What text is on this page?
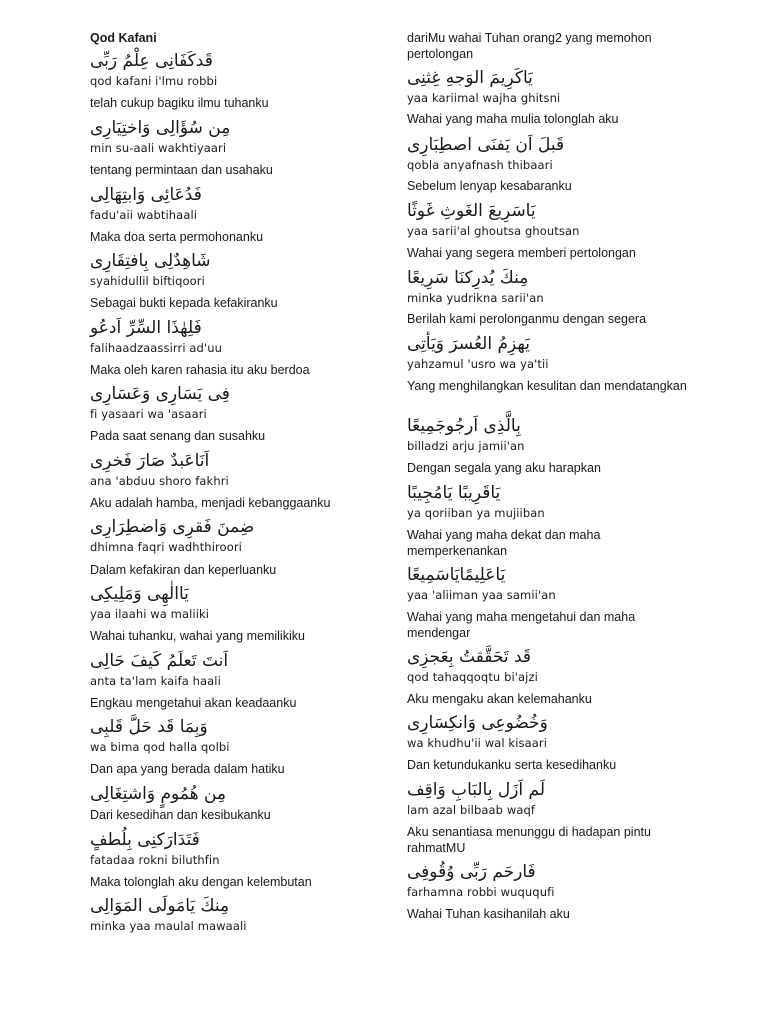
Qod Kafani
قَدكَفَانِى عِلْمُ رَبِّى
qod kafani i'lmu robbi
telah cukup bagiku ilmu tuhanku
مِن سُؤَالِى وَاختِيَارِى
min su-aali wakhtiyaari
tentang permintaan dan usahaku
فَدُعَائِى وَابتِهَالِى
fadu'aii wabtihaali
Maka doa serta permohonanku
شَاهِدٌلِى بِافتِقَارِى
syahidullil biftiqoori
Sebagai bukti kepada kefakiranku
فَلِهٰذَا السِّرِّ اَدعُو
falihaadzaassirri ad'uu
Maka oleh karen rahasia itu aku berdoa
فِى يَسَارِى وَعَسَارِى
fi yasaari wa 'asaari
Pada saat senang dan susahku
اَنَاعَبدٌ صَارَ فَخرِى
ana 'abduu shoro fakhri
Aku adalah hamba, menjadi kebanggaanku
ضِمنَ فَقرِى وَاضطِرَارِى
dhimna faqri wadhthiroori
Dalam kefakiran dan keperluanku
يَاالٰهِى وَمَلِيكِى
yaa ilaahi wa maliiki
Wahai tuhanku, wahai yang memilikiku
اَنتَ تَعلَمُ كَيفَ حَالِى
anta ta'lam kaifa haali
Engkau mengetahui akan keadaanku
وَبِمَا قَد حَلَّ قَلبِى
wa bima qod halla qolbi
Dan apa yang berada dalam hatiku
مِن هُمُومٍ وَاشتِغَالِى
Dari kesedihan dan kesibukanku
فَتَدَارَكنِى بِلُطفٍ
fatadaa rokni biluthfin
Maka tolonglah aku dengan kelembutan
مِنكَ يَامَولَى المَوَالِى
minka yaa maulal mawaali
dariMu wahai Tuhan orang2 yang memohon pertolongan
يَاكَرِيمَ الوَجهِ غِثنِى
yaa kariimal wajha ghitsni
Wahai yang maha mulia tolonglah aku
قَبلَ اَن يَفنَى اصطِبَارِى
qobla anyafnash thibaari
Sebelum lenyap kesabaranku
يَاسَرِيعَ الغَوثِ غَوثًا
yaa sarii'al ghoutsa ghoutsan
Wahai yang segera memberi pertolongan
مِنكَ يُدرِكنَا سَرِيعًا
minka yudrikna sarii'an
Berilah kami perolonganmu dengan segera
يَهزِمُ العُسرَ وَيَأتِى
yahzamul 'usro wa ya'tii
Yang menghilangkan kesulitan dan mendatangkan
بِالَّذِى اَرجُوجَمِيعًا
billadzi arju jamii'an
Dengan segala yang aku harapkan
يَاقَرِيبًا يَامُجِيبًا
ya qoriiban ya mujiiban
Wahai yang maha dekat dan maha memperkenankan
يَاعَلِيمًايَاسَمِيعًا
yaa 'aliiman yaa samii'an
Wahai yang maha mengetahui dan maha mendengar
قَد تَحَقَّقتُ بِعَجزِى
qod tahaqqoqtu bi'ajzi
Aku mengaku akan kelemahanku
وَخُضُوعِى وَانكِسَارِى
wa khudhu'ii wal kisaari
Dan ketundukanku serta kesedihanku
لَم اَزَل بِالبَابِ وَاقِف
lam azal bilbaab waqf
Aku senantiasa menunggu di hadapan pintu rahmatMU
فَارحَم رَبِّى وُقُوفِى
farhamna robbi wuququfi
Wahai Tuhan kasihanilah aku
